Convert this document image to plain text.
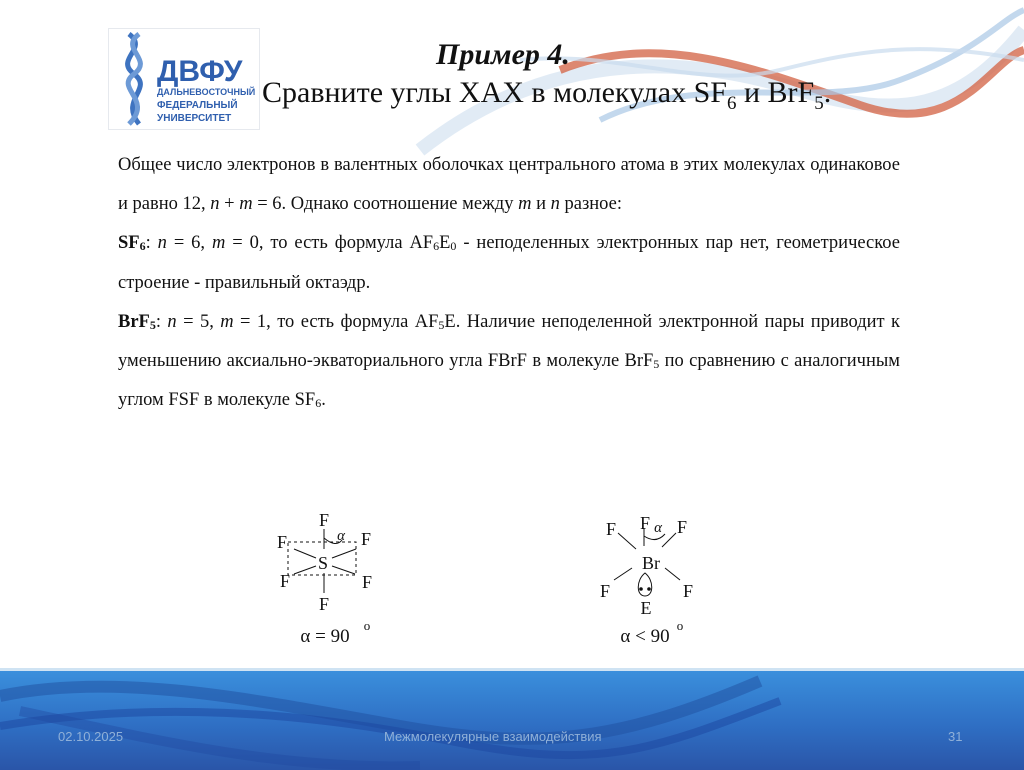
ДВФУ
ДАЛЬНЕВОСТОЧНЫЙ
ФЕДЕРАЛЬНЫЙ
УНИВЕРСИТЕТ
Пример 4.
Сравните углы XAX в молекулах $SF_6$ и BrF$_5$.

Общее число электронов в валентных оболочках центрального атома в этих молекулах одинаковое и равно 12, n + m = 6. Однако соотношение между m и n разное:

$SF_6$: n = 6, m = 0, то есть формула $AF_6E_0$ - неподеленных электронных пар нет, геометрическое строение - правильный октаэдр.

BrF$_5$: n = 5, m = 1, то есть формула $AF_5E$. Наличие неподеленной электронной пары приводит к уменьшению аксиально-экваториального угла FBrF в молекуле BrF$_5$ по сравнению с аналогичным углом FSF в молекуле $SF_6$.

F
F	F
S
F	F
F
α
α = 90
o
F F F
Br
F	F
E
α
α < 90
o
02.10.2025	Межмолекулярные взаимодействия	31
